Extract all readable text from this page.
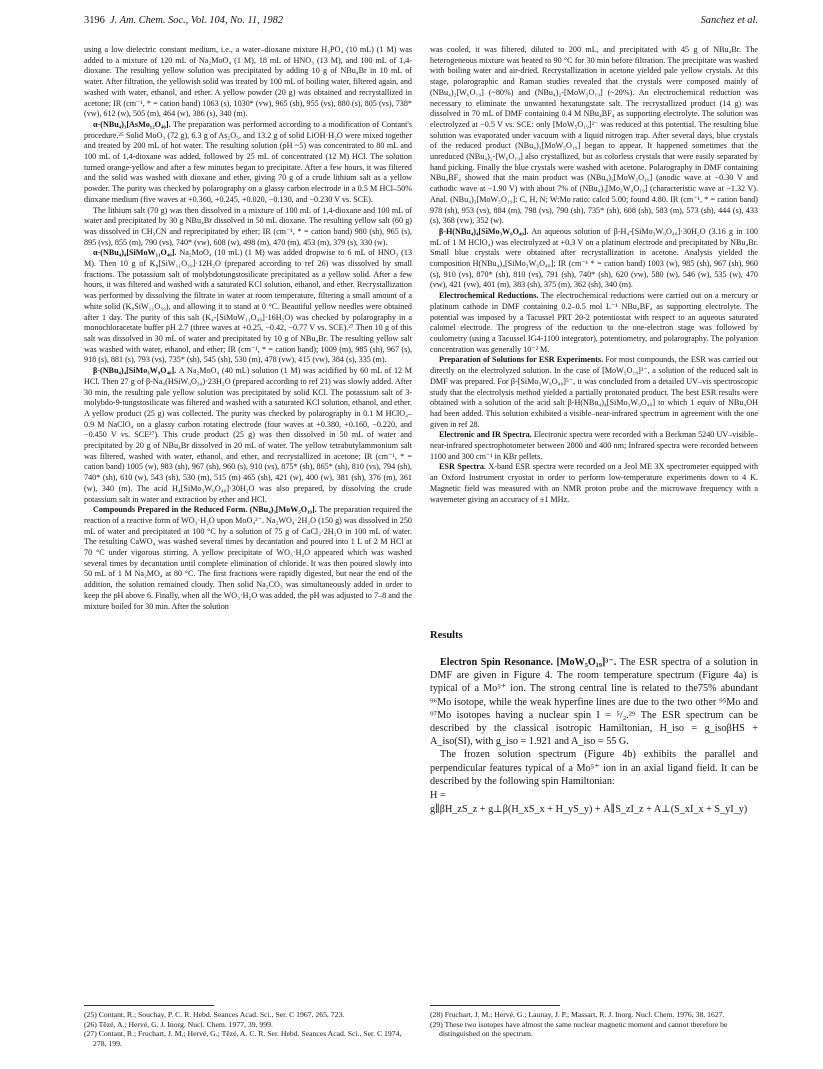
3196 J. Am. Chem. Soc., Vol. 104, No. 11, 1982	Sanchez et al.

using a low dielectric constant medium, i.e., a water–dioxane mixture H₃PO₄ (10 mL) (1 M) was added to a mixture of 120 mL of Na₂MoO₄ (1 M), 18 mL of HNO₃ (13 M), and 100 mL of 1,4-dioxane. The resulting yellow solution was precipitated by adding 10 g of NBu₄Br in 10 mL of water. After filtration, the yellowish solid was treated by 100 mL of boiling water, filtered again, and washed with water, ethanol, and ether. A yellow powder (20 g) was obtained and recrystallized in acetone; IR (cm⁻¹, * = cation band) 1063 (s), 1030* (vw), 965 (sh), 955 (vs), 880 (s), 805 (vs), 738* (vw), 612 (w), 505 (m), 464 (w), 386 (s), 340 (m).

α-(NBu₄)₃[AsMo₁₂O₄₀]. The preparation was performed according to a modification of Contant's procedure.²⁵ Solid MoO₃ (72 g), 6.3 g of As₂O₅, and 13.2 g of solid LiOH·H₂O were mixed together and treated by 200 mL of hot water. The resulting solution (pH ~5) was concentrated to 80 mL and 100 mL of 1,4-dioxane was added, followed by 25 mL of concentrated (12 M) HCl. The solution turned orange-yellow and after a few minutes began to precipitate. After a few hours, it was filtered and the solid was washed with dioxane and ether, giving 70 g of a crude lithium salt as a yellow powder. The purity was checked by polarography on a glassy carbon electrode in a 0.5 M HCl–50% dioxane medium (five waves at +0.360, +0.245, +0.020, −0.130, and −0.230 V vs. SCE).

The lithium salt (70 g) was then dissolved in a mixture of 100 mL of 1,4-dioxane and 100 mL of water and precipitated by 30 g NBu₄Br dissolved in 50 mL dioxane. The resulting yellow salt (60 g) was dissolved in CH₃CN and reprecipitated by ether; IR (cm⁻¹, * = cation band) 980 (sh), 965 (s), 895 (vs), 855 (m), 790 (vs), 740* (vw), 608 (w), 498 (m), 470 (m), 453 (m), 379 (s), 330 (w).

α-(NBu₄)₄[SiMoW₁₁O₄₀]. Na₂MoO₄ (10 mL) (1 M) was added dropwise to 6 mL of HNO₃ (13 M). Then 10 g of K₈[SiW₁₁O₃₉]·12H₂O (prepared according to ref 26) was dissolved by small fractions. The potassium salt of molybdotungstosilicate precipitated as a yellow solid. After a few hours, it was filtered and washed with a saturated KCl solution, ethanol, and ether. Recrystallization was performed by dissolving the filtrate in water at room temperature, filtering a small amount of a white solid (K₈SiW₁₁O₃₉), and allowing it to stand at 0 °C. Beautiful yellow needles were obtained after 1 day. The purity of this salt (K₄-[SiMoW₁₁O₄₀]·16H₂O) was checked by polarography in a monochloracetate buffer pH 2.7 (three waves at +0.25, −0.42, −0.77 V vs. SCE).²⁷ Then 10 g of this salt was dissolved in 30 mL of water and precipitated by 10 g of NBu₄Br. The resulting yellow salt was washed with water, ethanol, and ether; IR (cm⁻¹, * = cation band); 1009 (m), 985 (sh), 967 (s), 918 (s), 881 (s), 793 (vs), 735* (sh), 545 (sh), 530 (m), 478 (vw), 415 (vw), 384 (s), 335 (m).

β-(NBu₄)₄[SiMo₃W₉O₄₀]. A Na₂MoO₄ (40 mL) solution (1 M) was acidified by 60 mL of 12 M HCl. Then 27 g of β-Na₉(HSiW₉O₃₄)·23H₂O (prepared according to ref 21) was slowly added. After 30 min, the resulting pale yellow solution was precipitated by solid KCl. The potassium salt of 3-molybdo-9-tungstosilicate was filtered and washed with a saturated KCl solution, ethanol, and ether. A yellow product (25 g) was collected. The purity was checked by polarography in 0.1 M HClO₄–0.9 M NaClO₄ on a glassy carbon rotating electrode (four waves at +0.380, +0.160, −0.220, and −0.450 V vs. SCE²⁷). This crude product (25 g) was then dissolved in 50 mL of water and precipitated by 20 g of NBu₄Br dissolved in 20 mL of water. The yellow tetrabutylammonium salt was filtered, washed with water, ethanol, and ether, and recrystallized in acetone; IR (cm⁻¹, * = cation band) 1005 (w), 983 (sh), 967 (sh), 960 (s), 910 (vs), 875* (sh), 865* (sh), 810 (vs), 794 (sh), 740* (sh), 610 (w), 543 (sh), 530 (m), 515 (m) 465 (sh), 421 (w), 400 (w), 381 (sh), 376 (m), 361 (w), 340 (m). The acid H₄[SiMo₃W₉O₄₀]·30H₂O was also prepared, by dissolving the crude potassium salt in water and extraction by ether and HCl.

Compounds Prepared in the Reduced Form. (NBu₄)₃[MoW₅O₁₉]. The preparation required the reaction of a reactive form of WO₃·H₂O upon MoO₄²⁻. Na₂WO₄·2H₂O (150 g) was dissolved in 250 mL of water and precipitated at 100 °C by a solution of 75 g of CaCl₂·2H₂O in 100 mL of water. The resulting CaWO₄ was washed several times by decantation and poured into 1 L of 2 M HCl at 70 °C under vigorous stirring. A yellow precipitate of WO₃·H₂O appeared which was washed several times by decantation until complete elimination of chloride. It was then poured slowly into 50 mL of 1 M Na₂MO₄ at 80 °C. The first fractions were rapidly digested, but near the end of the addition, the solution remained cloudy. Then solid Na₂CO₃ was simultaneously added in order to keep the pH above 6. Finally, when all the WO₃·H₂O was added, the pH was adjusted to 7–8 and the mixture boiled for 30 min. After the solution

was cooled, it was filtered, diluted to 200 mL, and precipitated with 45 g of NBu₄Br. The heterogeneous mixture was heated to 90 °C for 30 min before filtration. The precipitate was washed with boiling water and air-dried. Recrystallization in acetone yielded pale yellow crystals. At this stage, polarographic and Raman studies revealed that the crystals were composed mainly of (NBu₄)₂[W₆O₁₉] (~80%) and (NBu₄)₂-[MoW₅O₁₉] (~20%). An electrochemical reduction was necessary to eliminate the unwanted hexatungstate salt. The recrystallized product (14 g) was dissolved in 70 mL of DMF containing 0.4 M NBu₄BF₄ as supporting electrolyte. The solution was electrolyzed at −0.5 V vs. SCE: only [MoW₅O₁₉]²⁻ was reduced at this potential. The resulting blue solution was evaporated under vacuum with a liquid nitrogen trap. After several days, blue crystals of the reduced product (NBu₄)₃[MoW₅O₁₉] began to appear. It happened sometimes that the unreduced (NBu₄)₂-[W₆O₁₉] also crystallized, but as colorless crystals that were easily separated by hand picking. Finally the blue crystals were washed with acetone. Polarography in DMF containing NBu₄BF₄ showed that the main product was (NBu₄)₃[MoW₅O₁₉] (anodic wave at −0.30 V and cathodic wave at −1.90 V) with about 7% of (NBu₄)₃[Mo₂W₄O₁₉] (characteristic wave at −1.32 V). Anal. (NBu₄)₃[MoW₅O₁₉]: C, H, N; W:Mo ratio: calcd 5.00; found 4.80. IR (cm⁻¹, * = cation band) 978 (sh), 953 (vs), 884 (m), 798 (vs), 790 (sh), 735* (sh), 608 (sh), 583 (m), 573 (sh), 444 (s), 433 (s), 368 (vw), 352 (w).

β-H(NBu₄)₄[SiMo₃W₉O₄₀]. An aqueous solution of β-H₄-[SiMo₃W₉O₄₀]·30H₂O (3.16 g in 100 mL of 1 M HClO₄) was electrolyzed at +0.3 V on a platinum electrode and precipitated by NBu₄Br. Small blue crystals were obtained after recrystallization in acetone. Analysis yielded the composition H(NBu₄)₄[SiMo₃W₉O₄₀]; IR (cm⁻¹ * = cation band) 1003 (w), 985 (sh), 967 (sh), 960 (s), 910 (vs), 870* (sh), 810 (vs), 791 (sh), 740* (sh), 620 (vw), 580 (w), 546 (w), 535 (w), 470 (vw), 421 (vw), 401 (m), 383 (sh), 375 (m), 362 (sh), 340 (m).

Electrochemical Reductions. The electrochemical reductions were carried out on a mercury or platinum cathode in DMF containing 0.2–0.5 mol L⁻¹ NBu₄BF₄ as supporting electrolyte. The potential was imposed by a Tacussel PRT 20-2 potentiostat with respect to an aqueous saturated calomel electrode. The progress of the reduction to the one-electron stage was followed by coulometry (using a Tacussel IG4-1100 integrator), potentiometry, and polarography. The polyanion concentration was generally 10⁻² M.

Preparation of Solutions for ESR Experiments. For most compounds, the ESR was carried out directly on the electrolyzed solution. In the case of [MoW₅O₁₉]³⁻, a solution of the reduced salt in DMF was prepared. For β-[SiMo₃W₉O₄₀]⁵⁻, it was concluded from a detailed UV–vis spectroscopic study that the electrolysis method yielded a partially protonated product. The best ESR results were obtained with a solution of the acid salt β-H(NBu₄)₄[SiMo₃W₉O₄₀] to which 1 equiv of NBu₄OH had been added. This solution exhibited a visible–near-infrared spectrum in agreement with the one given in ref 28.

Electronic and IR Spectra. Electronic spectra were recorded with a Beckman 5240 UV–visible–near-infrared spectrophotometer between 2000 and 400 nm; Infrared spectra were recorded between 1100 and 300 cm⁻¹ in KBr pellets.

ESR Spectra. X-band ESR spectra were recorded on a Jeol ME 3X spectrometer equipped with an Oxford Instrument cryostat in order to perform low-temperature experiments down to 4 K. Magnetic field was measured with an NMR proton probe and the microwave frequency with a wavemeter giving an accuracy of ±1 MHz.

Results

Electron Spin Resonance. [MoW₅O₁₉]³⁻. The ESR spectra of a solution in DMF are given in Figure 4. The room temperature spectrum (Figure 4a) is typical of a Mo⁵⁺ ion. The strong central line is related to the75% abundant ⁹⁶Mo isotope, while the weak hyperfine lines are due to the two other ⁹⁵Mo and ⁹⁷Mo isotopes having a nuclear spin I = ⁵/₂.²⁹ The ESR spectrum can be described by the classical isotropic Hamiltonian, H_iso = g_isoβHS + A_iso(SI), with g_iso = 1.921 and A_iso = 55 G.

The frozen solution spectrum (Figure 4b) exhibits the parallel and perpendicular features typical of a Mo⁵⁺ ion in an axial ligand field. It can be described by the following spin Hamiltonian:

H =

g∥βH_zS_z + g⊥β(H_xS_x + H_yS_y) + A∥S_zI_z + A⊥(S_xI_x + S_yI_y)

(25) Contant, R.; Souchay, P. C. R. Hebd. Seances Acad. Sci., Ser. C 1967, 265, 723.

(26) Têzé, A.; Hervé, G. J. Inorg. Nucl. Chem. 1977, 39, 999.

(27) Contant, R.; Fruchart, J. M.; Hervé, G.; Têzé, A. C. R. Ser. Hebd. Seances Acad. Sci., Ser. C 1974, 278, 199.

(28) Fruchart, J. M.; Hervé, G.; Launay, J. P.; Massart, R. J. Inorg. Nucl. Chem. 1976, 38, 1627.

(29) These two isotopes have almost the same nuclear magnetic moment and cannot therefore be distinguished on the spectrum.
